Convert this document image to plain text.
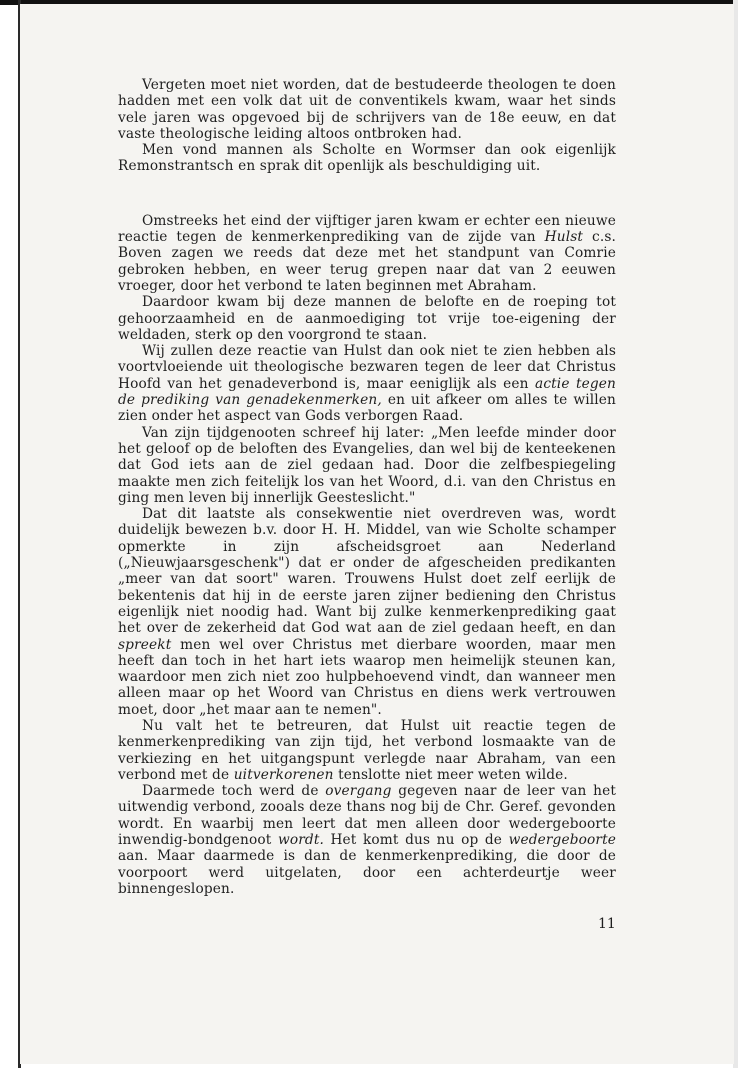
Vergeten moet niet worden, dat de bestudeerde theologen te doen hadden met een volk dat uit de conventikels kwam, waar het sinds vele jaren was opgevoed bij de schrijvers van de 18e eeuw, en dat vaste theologische leiding altoos ontbroken had.

Men vond mannen als Scholte en Wormser dan ook eigenlijk Remonstrantsch en sprak dit openlijk als beschuldiging uit.

Omstreeks het eind der vijftiger jaren kwam er echter een nieuwe reactie tegen de kenmerkenprediking van de zijde van Hulst c.s. Boven zagen we reeds dat deze met het standpunt van Comrie gebroken hebben, en weer terug grepen naar dat van 2 eeuwen vroeger, door het verbond te laten beginnen met Abraham.

Daardoor kwam bij deze mannen de belofte en de roeping tot gehoorzaamheid en de aanmoediging tot vrije toe-eigening der weldaden, sterk op den voorgrond te staan.

Wij zullen deze reactie van Hulst dan ook niet te zien hebben als voortvloeiende uit theologische bezwaren tegen de leer dat Christus Hoofd van het genadeverbond is, maar eeniglijk als een actie tegen de prediking van genadekenmerken, en uit afkeer om alles te willen zien onder het aspect van Gods verborgen Raad.

Van zijn tijdgenooten schreef hij later: „Men leefde minder door het geloof op de beloften des Evangelies, dan wel bij de kenteekenen dat God iets aan de ziel gedaan had. Door die zelfbespiegeling maakte men zich feitelijk los van het Woord, d.i. van den Christus en ging men leven bij innerlijk Geesteslicht."

Dat dit laatste als consekwentie niet overdreven was, wordt duidelijk bewezen b.v. door H. H. Middel, van wie Scholte schamper opmerkte in zijn afscheidsgroet aan Nederland („Nieuwjaarsgeschenk") dat er onder de afgescheiden predikanten „meer van dat soort" waren. Trouwens Hulst doet zelf eerlijk de bekentenis dat hij in de eerste jaren zijner bediening den Christus eigenlijk niet noodig had. Want bij zulke kenmerkenprediking gaat het over de zekerheid dat God wat aan de ziel gedaan heeft, en dan spreekt men wel over Christus met dierbare woorden, maar men heeft dan toch in het hart iets waarop men heimelijk steunen kan, waardoor men zich niet zoo hulpbehoevend vindt, dan wanneer men alleen maar op het Woord van Christus en diens werk vertrouwen moet, door „het maar aan te nemen".

Nu valt het te betreuren, dat Hulst uit reactie tegen de kenmerkenprediking van zijn tijd, het verbond losmaakte van de verkiezing en het uitgangspunt verlegde naar Abraham, van een verbond met de uitverkorenen tenslotte niet meer weten wilde.

Daarmede toch werd de overgang gegeven naar de leer van het uitwendig verbond, zooals deze thans nog bij de Chr. Geref. gevonden wordt. En waarbij men leert dat men alleen door wedergeboorte inwendig-bondgenoot wordt. Het komt dus nu op de wedergeboorte aan. Maar daarmede is dan de kenmerkenprediking, die door de voorpoort werd uitgelaten, door een achterdeurtje weer binnengeslopen.

11
